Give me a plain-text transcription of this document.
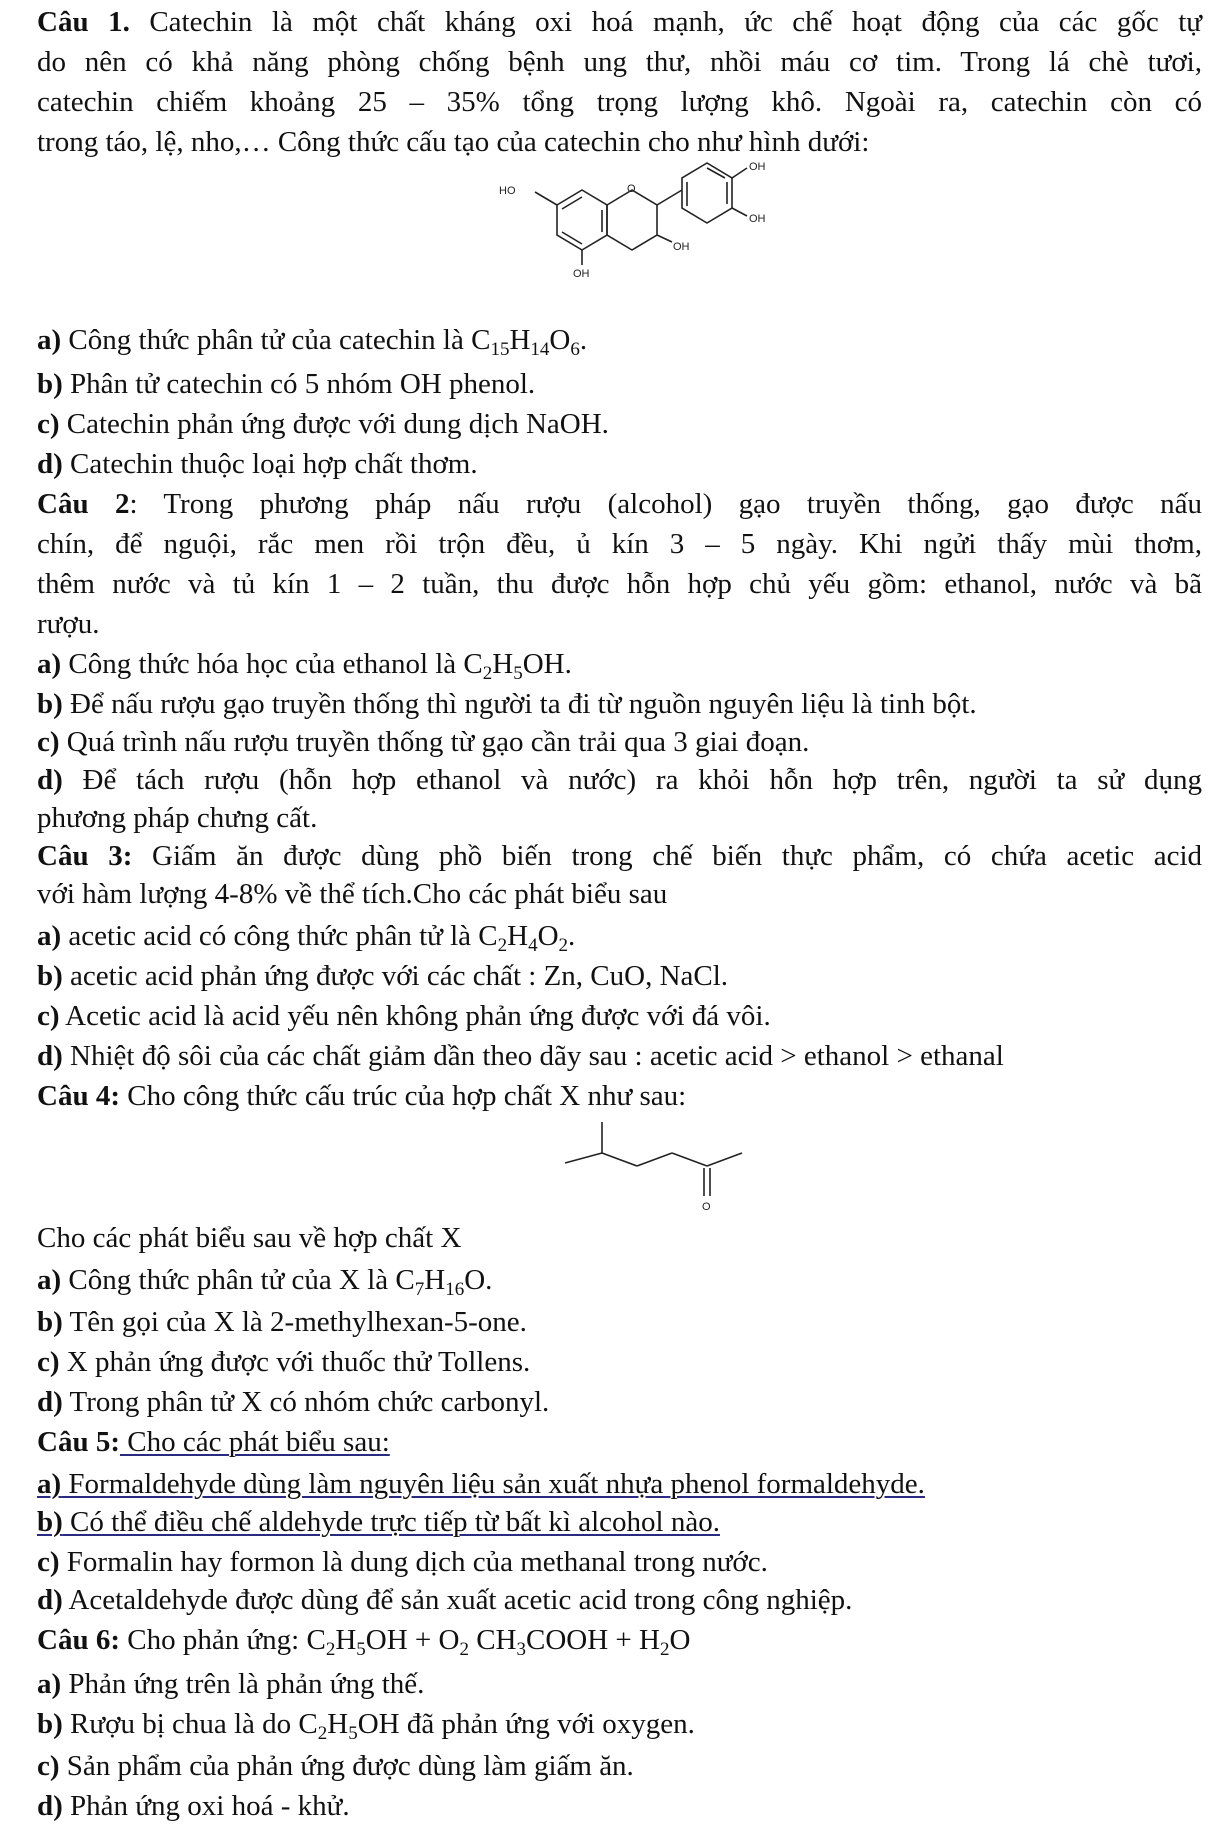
Câu 1. Catechin là một chất kháng oxi hoá mạnh, ức chế hoạt động của các gốc tự
do nên có khả năng phòng chống bệnh ung thư, nhồi máu cơ tim. Trong lá chè tươi,
catechin chiếm khoảng 25 – 35% tổng trọng lượng khô. Ngoài ra, catechin còn có
trong táo, lệ, nho,… Công thức cấu tạo của catechin cho như hình dưới:
HO	O
OH
OH
OH
OH
a) Công thức phân tử của catechin là $C_{15}H_{14}O_6$.
b) Phân tử catechin có 5 nhóm OH phenol.
c) Catechin phản ứng được với dung dịch NaOH.
d) Catechin thuộc loại hợp chất thơm.
Câu 2: Trong phương pháp nấu rượu (alcohol) gạo truyền thống, gạo được nấu
chín, để nguội, rắc men rồi trộn đều, ủ kín 3 – 5 ngày. Khi ngửi thấy mùi thơm,
thêm nước và tủ kín 1 – 2 tuần, thu được hỗn hợp chủ yếu gồm: ethanol, nước và bã
rượu.
a) Công thức hóa học của ethanol là $C_2H_5OH$.
b) Để nấu rượu gạo truyền thống thì người ta đi từ nguồn nguyên liệu là tinh bột.
c) Quá trình nấu rượu truyền thống từ gạo cần trải qua 3 giai đoạn.
d) Để tách rượu (hỗn hợp ethanol và nước) ra khỏi hỗn hợp trên, người ta sử dụng
phương pháp chưng cất.
Câu 3: Giấm ăn được dùng phồ biến trong chế biến thực phẩm, có chứa acetic acid
với hàm lượng 4-8% về thể tích.Cho các phát biểu sau
a) acetic acid có công thức phân tử là $C_2H_4O_2$.
b) acetic acid phản ứng được với các chất : Zn, CuO, NaCl.
c) Acetic acid là acid yếu nên không phản ứng được với đá vôi.
d) Nhiệt độ sôi của các chất giảm dần theo dãy sau : acetic acid > ethanol > ethanal
Câu 4: Cho công thức cấu trúc của hợp chất X như sau:
O
Cho các phát biểu sau về hợp chất X
a) Công thức phân tử của X là $C_7H_{16}O$.
b) Tên gọi của X là 2-methylhexan-5-one.
c) X phản ứng được với thuốc thử Tollens.
d) Trong phân tử X có nhóm chức carbonyl.
Câu 5: Cho các phát biểu sau:
a) Formaldehyde dùng làm nguyên liệu sản xuất nhựa phenol formaldehyde.
b) Có thể điều chế aldehyde trực tiếp từ bất kì alcohol nào.
c) Formalin hay formon là dung dịch của methanal trong nước.
d) Acetaldehyde được dùng để sản xuất acetic acid trong công nghiệp.
Câu 6: Cho phản ứng: $C_2H_5OH + O_2$ $CH_3COOH + H_2O$
a) Phản ứng trên là phản ứng thế.
b) Rượu bị chua là do $C_2H_5OH$ đã phản ứng với oxygen.
c) Sản phẩm của phản ứng được dùng làm giấm ăn.
d) Phản ứng oxi hoá - khử.
